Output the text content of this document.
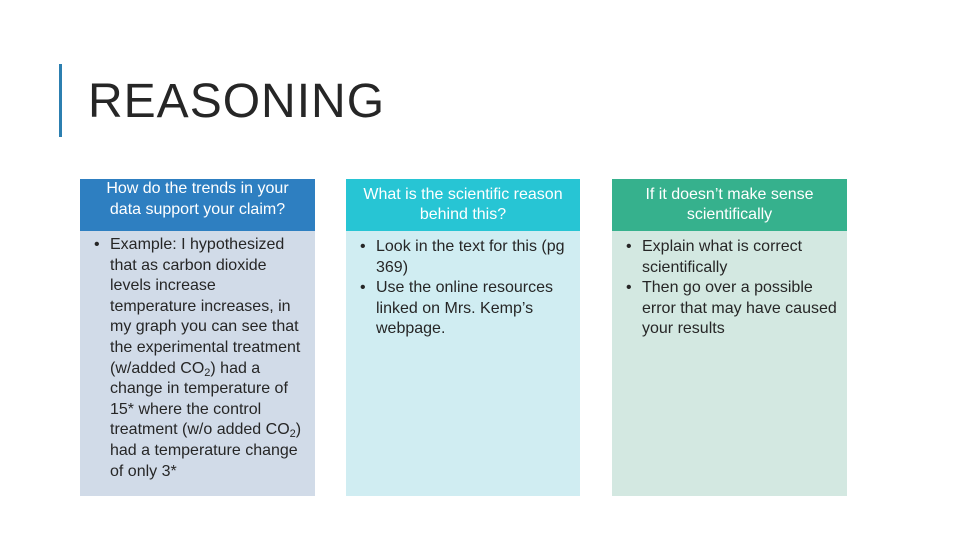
REASONING
How do the trends in your data support your claim?
• Example: I hypothesized that as carbon dioxide levels increase temperature increases, in my graph you can see that the experimental treatment (w/added $CO_2$) had a change in temperature of 15* where the control treatment (w/o added $CO_2$) had a temperature change of only 3*
What is the scientific reason behind this?
• Look in the text for this (pg 369)
• Use the online resources linked on Mrs. Kemp’s webpage.
If it doesn’t make sense scientifically
• Explain what is correct scientifically
• Then go over a possible error that may have caused your results
